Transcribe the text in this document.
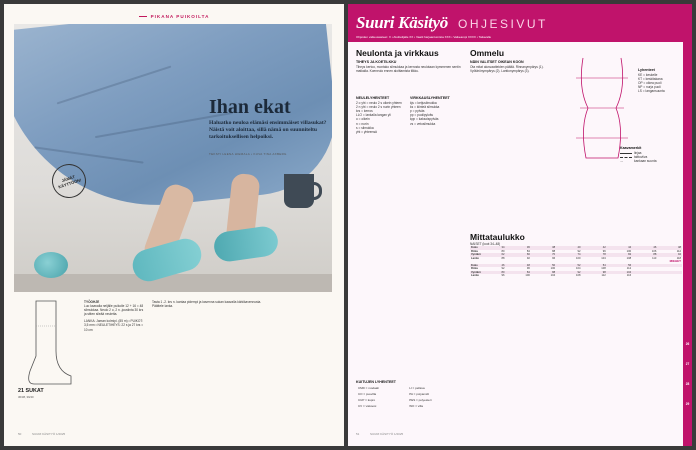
PIKANA PUIKOILTA
Ihan ekat
Haluatko neuloa elämäsi ensimmäiset villasukat? Näistä voit aloittaa, sillä nämä on suunniteltu tarkoituksellisen helpoiksi.
TEKSTI LEENA HIEMALA • KUVA TINA AXBERG
JÄMÄT KÄYTTÖÖN!
21 SUKAT
36/38, 39/40
TYÖOHJE
Luo kaavalla neljälle puikolle 12 + 16 = 48 silmukkaa. Neulo 2 o, 2 n -joustinta 30 krs ja sitten sileää neuletta.
LANKA: Jaman kolmipl. (85 m) • PUIKOT: 3,5 mm • NEULETIHEYS: 22 s ja 27 krs = 10 cm
Tasta 1 -2. krs n. kantaa pidempi ja kavenna sukan kaavalla kärkikavennusta. Päättele lanka.
50	SUURI KÄSITYÖ 1/2025
Suuri Käsityö OHJESIVUT
Ohjeiden vaikeusasteet: X • Aloittelijalle XX • Vaatii harjaantumista XXX • Vaikeampi XXXX • Taitavalle
26
27
28
29
Neulonta ja virkkaus
TIHEYS JA KOETILKKU
Tiheys kertoo, montako silmukkaa ja kerrosta neulotaan kymmenen sentin matkalla. Koeneulo ennen aloittamista tilkku.
NEULELYHENTEET
2 o yht = neulo 2 s oikein yhteen
2 n yht = neulo 2 s nurin yhteen
krs = kerros
LLO = lankalla langan yli
o = oikein
n = nurin
s = silmukka
yht = yhteensä
VIRKKAUSLYHENTEET
kjs = ketjusilmukka
ks = kiinteä silmukka
p = pylväs
pp = puolipylväs
kpp = kaksoispylväs
vs = vetosilmukka
KUITUJEN LYHENTEET
CMD = modaali	LI = pellava
CO = puuvilla	PA = polyamidi
CUP = kupro	PES = polyesteri
CV = viskoosi	WO = villa
Ommelu
NÄIN VALITSET OIKEAN KOON
Ota mitat alusvaatteiden päältä. Rinnanympärys (1). Vyötärönympärys (2). Lantionympärys (3).	Lyhenteet
KE = keskelle
KT = keskitakana
OP = oikea puoli
NP = nurja puoli
LS = langansuunta
Kaavamerkit
linjaa
taittoviiva
↔	kankaan suunta
Mittataulukko
NAISET (koot 34–48)
Koko	34	36	38	40	42	44	46	48
Rinta	80	84	88	92	96	100	106	112
Vyötärö	62	66	70	74	78	82	88	94
Lantio	88	92	96	100	104	108	113	118
MIEHET								
Koko	46	48	50	52	54	56		
Rinta	92	96	100	104	108	112		
Vyötärö	80	84	88	92	98	104		
Lantio	96	100	104	108	112	116		
51	SUURI KÄSITYÖ 1/2025
